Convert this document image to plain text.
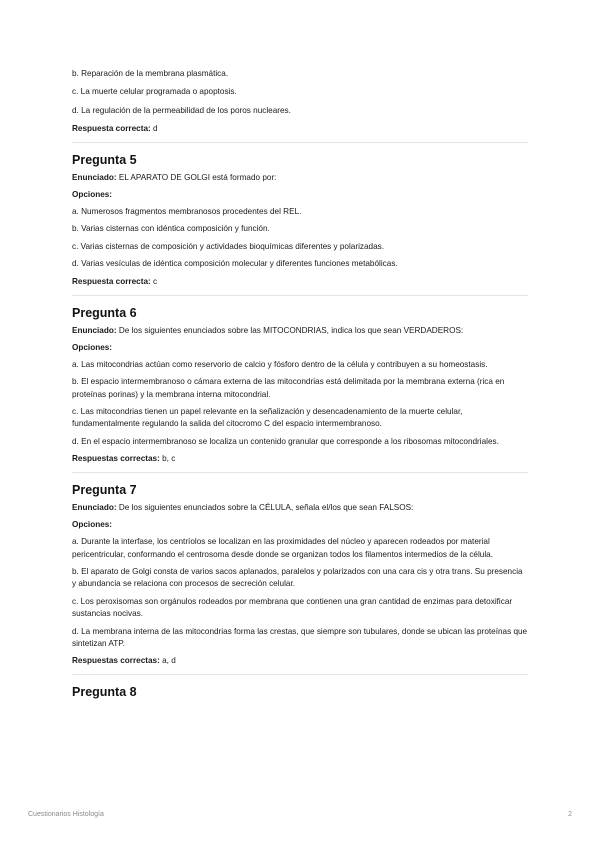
b. Reparación de la membrana plasmática.

c. La muerte celular programada o apoptosis.

d. La regulación de la permeabilidad de los poros nucleares.

Respuesta correcta: d

Pregunta 5

Enunciado: EL APARATO DE GOLGI está formado por:

Opciones:

a. Numerosos fragmentos membranosos procedentes del REL.

b. Varias cisternas con idéntica composición y función.

c. Varias cisternas de composición y actividades bioquímicas diferentes y polarizadas.

d. Varias vesículas de idéntica composición molecular y diferentes funciones metabólicas.

Respuesta correcta: c

Pregunta 6

Enunciado: De los siguientes enunciados sobre las MITOCONDRIAS, indica los que sean VERDADEROS:

Opciones:

a. Las mitocondrias actúan como reservorio de calcio y fósforo dentro de la célula y contribuyen a su homeostasis.

b. El espacio intermembranoso o cámara externa de las mitocondrias está delimitada por la membrana externa (rica en proteínas porinas) y la membrana interna mitocondrial.

c. Las mitocondrias tienen un papel relevante en la señalización y desencadenamiento de la muerte celular, fundamentalmente regulando la salida del citocromo C del espacio intermembranoso.

d. En el espacio intermembranoso se localiza un contenido granular que corresponde a los ribosomas mitocondriales.

Respuestas correctas: b, c

Pregunta 7

Enunciado: De los siguientes enunciados sobre la CÉLULA, señala el/los que sean FALSOS:

Opciones:

a. Durante la interfase, los centríolos se localizan en las proximidades del núcleo y aparecen rodeados por material pericentricular, conformando el centrosoma desde donde se organizan todos los filamentos intermedios de la célula.

b. El aparato de Golgi consta de varios sacos aplanados, paralelos y polarizados con una cara cis y otra trans. Su presencia y abundancia se relaciona con procesos de secreción celular.

c. Los peroxisomas son orgánulos rodeados por membrana que contienen una gran cantidad de enzimas para detoxificar sustancias nocivas.

d. La membrana interna de las mitocondrias forma las crestas, que siempre son tubulares, donde se ubican las proteínas que sintetizan ATP.

Respuestas correctas: a, d

Pregunta 8
Cuestionarios Histología	2
